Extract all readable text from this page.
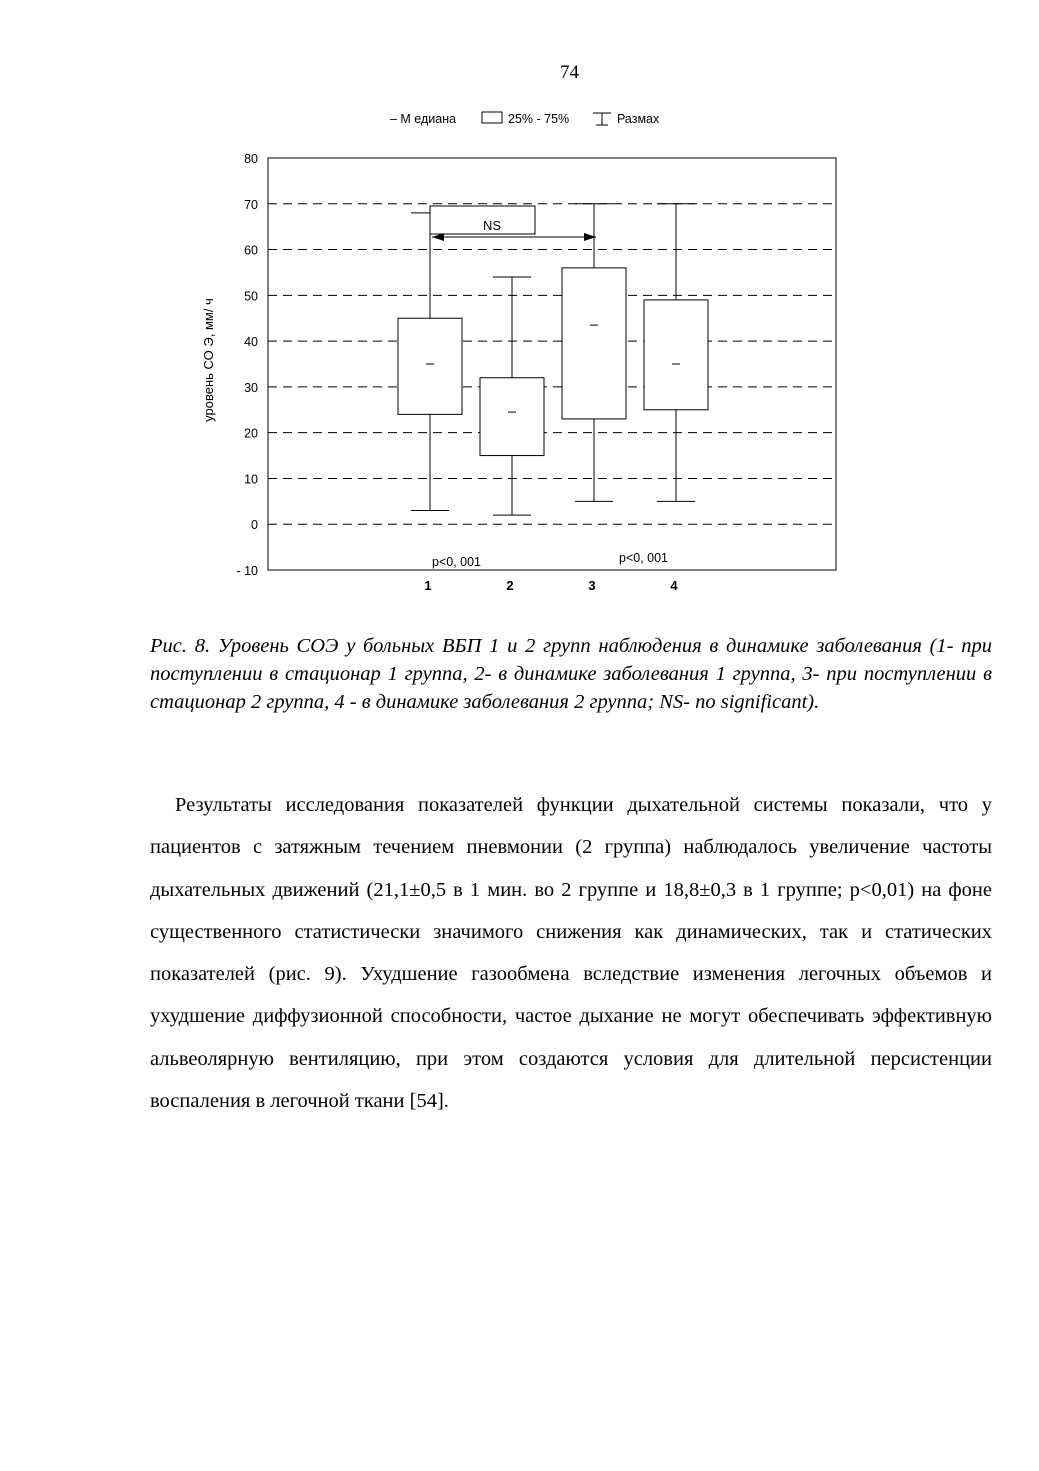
74
– М едиана	25% - 75%	Размах
уровень СО Э, мм/ ч
80
70
60
50
40
30
20
10
0
- 10
1	2	3	4
NS
p<0, 001	p<0, 001
Рис. 8. Уровень СОЭ у больных ВБП 1 и 2 групп наблюдения в динамике заболевания (1- при поступлении в стационар 1 группа, 2- в динамике заболевания 1 группа, 3- при поступлении в стационар 2 группа, 4 - в динамике заболевания 2 группа; NS- no significant).

Результаты исследования показателей функции дыхательной системы показали, что у пациентов с затяжным течением пневмонии (2 группа) наблюдалось увеличение частоты дыхательных движений (21,1±0,5 в 1 мин. во 2 группе и 18,8±0,3 в 1 группе; р<0,01) на фоне существенного статистически значимого снижения как динамических, так и статических показателей (рис. 9). Ухудшение газообмена вследствие изменения легочных объемов и ухудшение диффузионной способности, частое дыхание не могут обеспечивать эффективную альвеолярную вентиляцию, при этом создаются условия для длительной персистенции воспаления в легочной ткани [54].
